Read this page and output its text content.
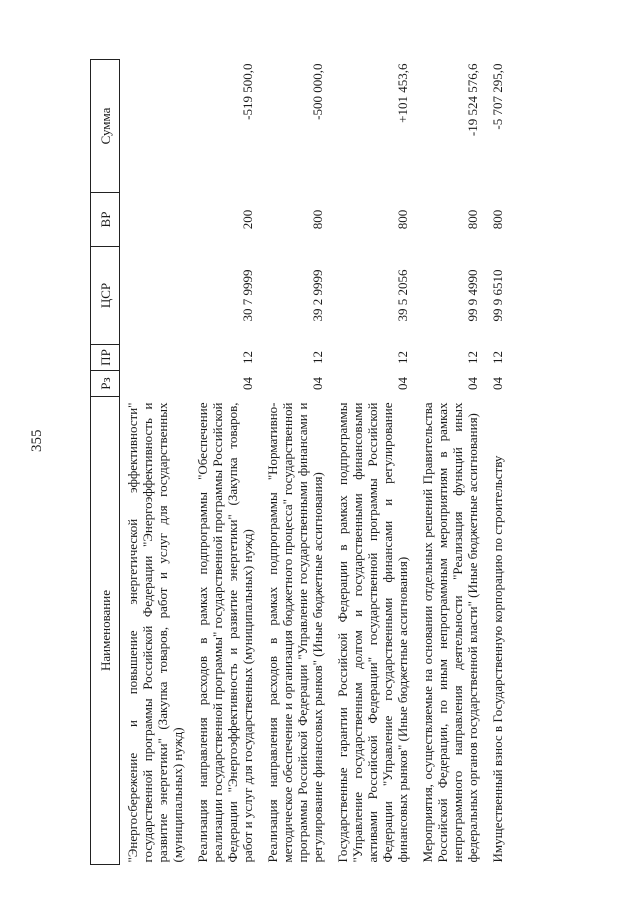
355
Наименование	Рз	ПР	ЦСР	ВР	Сумма
"Энергосбережение и повышение энергетической эффективности" государственной программы Российской Федерации "Энергоэффективность и развитие энергетики" (Закупка товаров, работ и услуг для государственных (муниципальных) нужд)					
Реализация направления расходов в рамках подпрограммы "Обеспечение реализации государственной программы" государственной программы Российской Федерации "Энергоэффективность и развитие энергетики" (Закупка товаров, работ и услуг для государственных (муниципальных) нужд)	04	12	30 7 9999	200	-519 500,0
Реализация направления расходов в рамках подпрограммы "Нормативно-методическое обеспечение и организация бюджетного процесса" государственной программы Российской Федерации "Управление государственными финансами и регулирование финансовых рынков" (Иные бюджетные ассигнования)	04	12	39 2 9999	800	-500 000,0
Государственные гарантии Российской Федерации в рамках подпрограммы "Управление государственным долгом и государственными финансовыми активами Российской Федерации" государственной программы Российской Федерации "Управление государственными финансами и регулирование финансовых рынков" (Иные бюджетные ассигнования)	04	12	39 5 2056	800	+101 453,6
Мероприятия, осуществляемые на основании отдельных решений Правительства Российской Федерации, по иным непрограммным мероприятиям в рамках непрограммного направления деятельности "Реализация функций иных федеральных органов государственной власти" (Иные бюджетные ассигнования)	04	12	99 9 4990	800	-19 524 576,6
Имущественный взнос в Государственную корпорацию по строительству	04	12	99 9 6510	800	-5 707 295,0
